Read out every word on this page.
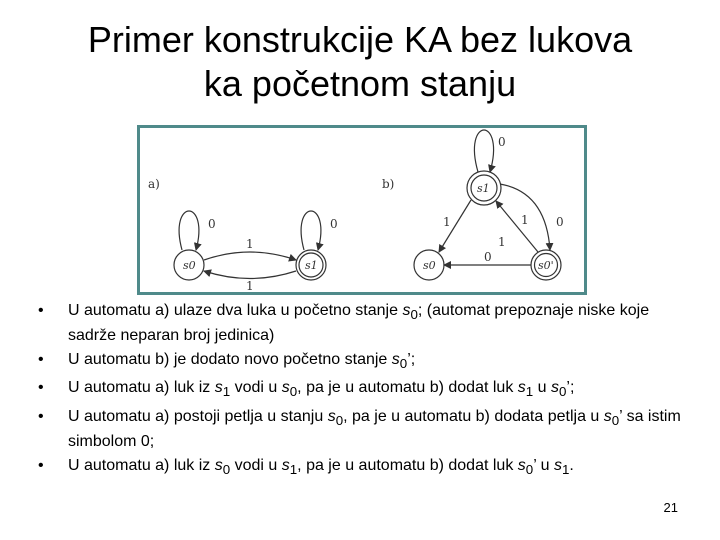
Primer konstrukcije KA bez lukova
ka početnom stanju
a)
0
s0
0
s1
1
1
b)
0
s1
s0	s0'
1	1 0
1
0
• U automatu a) ulaze dva luka u početno stanje $s_0$; (automat prepoznaje niske koje sadrže neparan broj jedinica)
• U automatu b) je dodato novo početno stanje $s_0$’;
• U automatu a) luk iz $s_1$ vodi u $s_0$, pa je u automatu b) dodat luk $s_1$ u $s_0$’;
• U automatu a) postoji petlja u stanju $s_0$, pa je u automatu b) dodata petlja u $s_0$’ sa istim simbolom 0;
• U automatu a) luk iz $s_0$ vodi u $s_1$, pa je u automatu b) dodat luk $s_0$’ u $s_1$.
21
